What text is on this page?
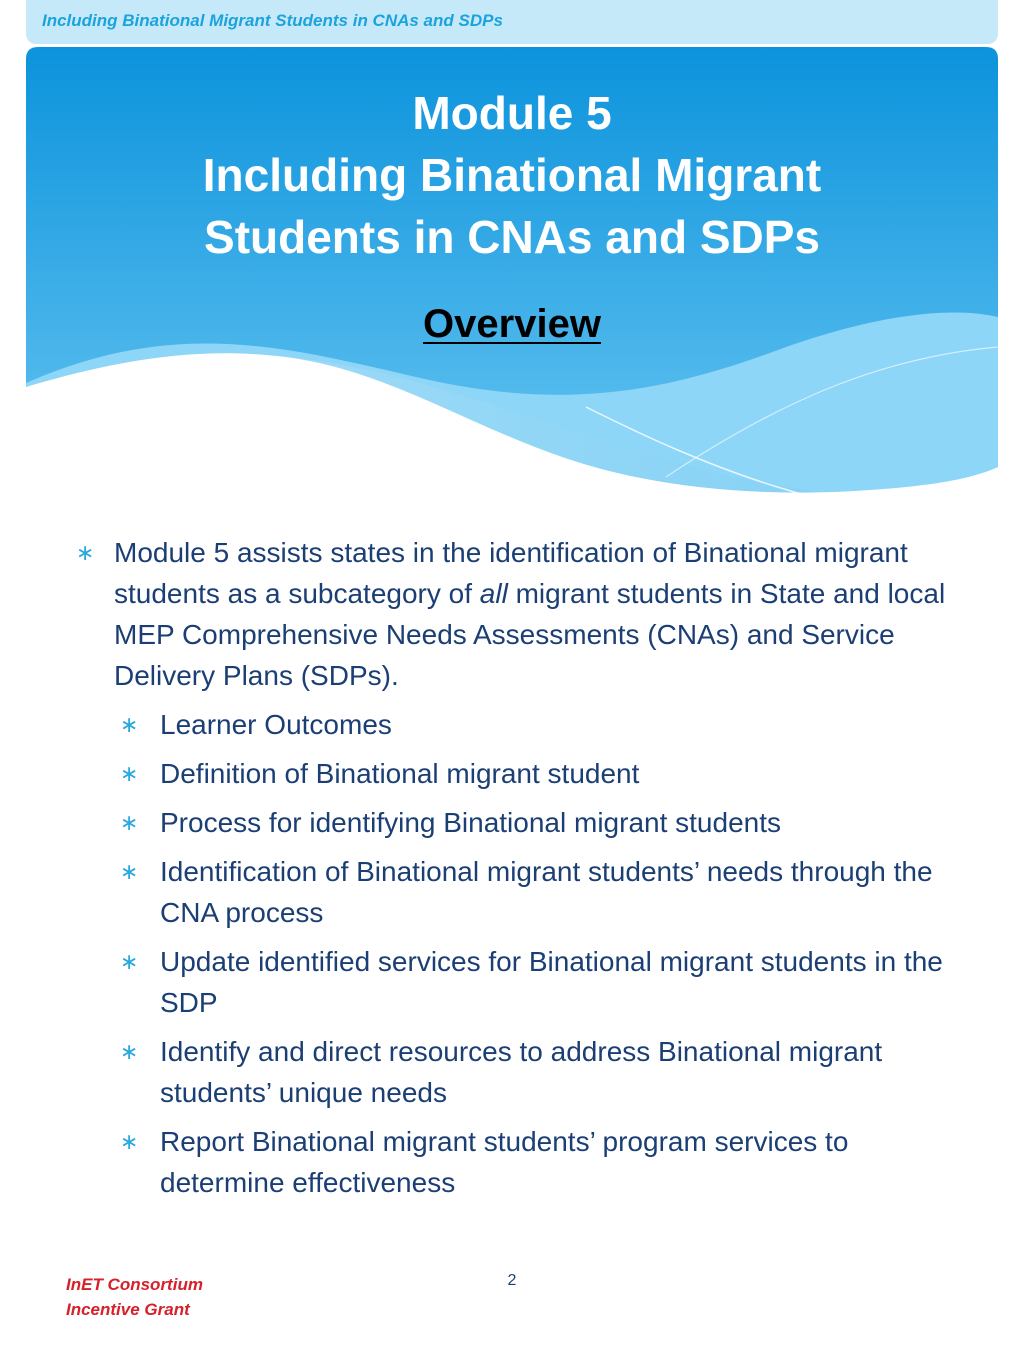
Including Binational Migrant Students in CNAs and SDPs
Module 5
Including Binational Migrant
Students in CNAs and SDPs
Overview
∗ Module 5 assists states in the identification of Binational migrant students as a subcategory of all migrant students in State and local MEP Comprehensive Needs Assessments (CNAs) and Service Delivery Plans (SDPs).
∗ Learner Outcomes
∗ Definition of Binational migrant student
∗ Process for identifying Binational migrant students
∗ Identification of Binational migrant students’ needs through the CNA process
∗ Update identified services for Binational migrant students in the SDP
∗ Identify and direct resources to address Binational migrant students’ unique needs
∗ Report Binational migrant students’ program services to determine effectiveness
InET Consortium
Incentive Grant
2
